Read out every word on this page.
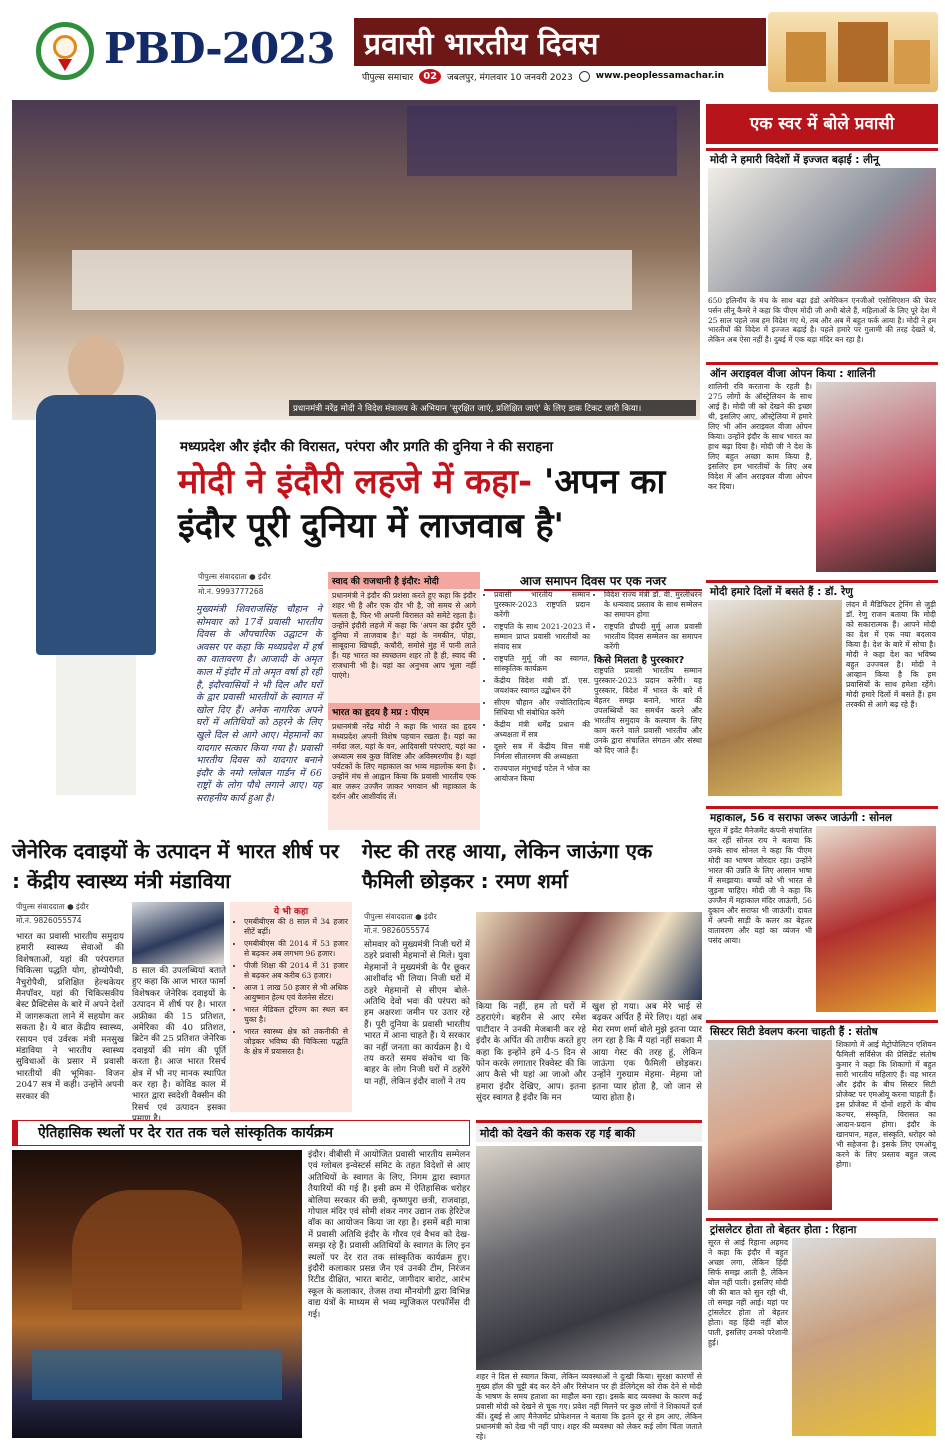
PBD-2023 प्रवासी भारतीय दिवस
पीपुल्स समाचार	02	जबलपुर, मंगलवार 10 जनवरी 2023	www.peoplessamachar.in
प्रधानमंत्री नरेंद्र मोदी ने विदेश मंत्रालय के अभियान 'सुरक्षित जाएं, प्रशिक्षित जाएं' के लिए डाक टिकट जारी किया।
मध्यप्रदेश और इंदौर की विरासत, परंपरा और प्रगति की दुनिया ने की सराहना
मोदी ने इंदौरी लहजे में कहा- 'अपन का इंदौर पूरी दुनिया में लाजवाब है'
पीपुल्स संवाददाता ● इंदौर
मो.नं. 9993777268
मुख्यमंत्री शिवराजसिंह चौहान ने सोमवार को 17वें प्रवासी भारतीय दिवस के औपचारिक उद्घाटन के अवसर पर कहा कि मध्यप्रदेश में हर्ष का वातावरण है। आजादी के अमृत काल में इंदौर में तो अमृत वर्षा हो रही है, इंदौरवासियों ने भी दिल और घरों के द्वार प्रवासी भारतीयों के स्वागत में खोल दिए हैं। अनेक नागरिक अपने घरों में अतिथियों को ठहरने के लिए खुले दिल से आगे आए। मेहमानों का यादगार सत्कार किया गया है। प्रवासी भारतीय दिवस को यादगार बनाने इंदौर के नमो ग्लोबल गार्डन में 66 राष्ट्रों के लोग पौधे लगाने आए। यह सराहनीय कार्य हुआ है।
स्वाद की राजधानी है इंदौर: मोदी
प्रधानमंत्री ने इंदौर की प्रशंसा करते हुए कहा कि इंदौर शहर भी है और एक दौर भी है, जो समय से आगे चलता है, फिर भी अपनी विरासत को समेटे रहता है। उन्होंने इंदौरी लहजे में कहा कि 'अपन का इंदौर पूरी दुनिया में लाजवाब है।' यहां के नमकीन, पोहा, साबूदाना खिचड़ी, कचौरी, समोसे मुंह में पानी लाते हैं। यह भारत का स्वच्छतम शहर तो है ही, स्वाद की राजधानी भी है। यहां का अनुभव आप भूला नहीं पाएंगे।
भारत का हृदय है मप्र : पीएम
प्रधानमंत्री नरेंद्र मोदी ने कहा कि भारत का हृदय मध्यप्रदेश अपनी विशेष पहचान रखता है। यहां का नर्मदा जल, यहां के वन, आदिवासी परंपराएं, यहां का अध्यात्म सब कुछ विशिष्ट और अविस्मरणीय है। यहां पर्यटकों के लिए महाकाल का भव्य महालोक बना है। उन्होंने मंच से आह्वान किया कि प्रवासी भारतीय एक बार जरूर उज्जैन जाकर भगवान श्री महाकाल के दर्शन और आशीर्वाद लें।
आज समापन दिवस पर एक नजर
• प्रवासी भारतीय सम्मान पुरस्कार-2023 राष्ट्रपति प्रदान करेंगी
• राष्ट्रपति के साथ 2021-2023 में सम्मान प्राप्त प्रवासी भारतीयों का संवाद सत्र
• राष्ट्रपति मुर्मू जी का स्वागत, सांस्कृतिक कार्यक्रम
• केंद्रीय विदेश मंत्री डॉ. एस. जयशंकर स्वागत उद्बोधन देंगे
• सीएम चौहान और ज्योतिरादित्य सिंधिया भी संबोधित करेंगे
• केंद्रीय मंत्री धर्मेंद्र प्रधान की अध्यक्षता में सत्र
• दूसरे सत्र में केंद्रीय वित्त मंत्री निर्मला सीतारमण की अध्यक्षता
• राज्यपाल मंगुभाई पटेल ने भोज का आयोजन किया
• विदेश राज्य मंत्री डॉ. वी. मुरलीधरन के धन्यवाद प्रस्ताव के साथ सम्मेलन का समापन होगा
• राष्ट्रपति द्रौपदी मुर्मू आज प्रवासी भारतीय दिवस सम्मेलन का समापन करेंगी
किसे मिलता है पुरस्कार?
राष्ट्रपति प्रवासी भारतीय सम्मान पुरस्कार-2023 प्रदान करेंगी। यह पुरस्कार, विदेश में भारत के बारे में बेहतर समझ बनाने, भारत की उपलब्धियों का समर्थन करने और भारतीय समुदाय के कल्याण के लिए काम करने वाले प्रवासी भारतीय और उनके द्वारा संचालित संगठन और संस्था को दिए जाते हैं।
एक स्वर में बोले प्रवासी
मोदी ने हमारी विदेशों में इज्जत बढ़ाई : लीनू
650 इलिनॉय के मंच के साथ बढ़ा इंडो अमेरिकन एनजीओ एसोसिएशन की चेयर पर्सन लीनू कैमरे ने कहा कि पीएम मोदी जी अभी बोले हैं, महिलाओं के लिए पूरे देश में 25 साल पहले जब हम विदेश गए थे, तब और अब में बहुत फर्क आया है। मोदी ने हम भारतीयों की विदेश में इज्जत बढ़ाई है। पहले हमारे पर गुलामी की तरह देखते थे, लेकिन अब ऐसा नहीं है। दुबई में एक बड़ा मंदिर बन रहा है।
ऑन अराइवल वीजा ओपन किया : शालिनी
शालिनी रवि करताना के रहती है। 275 लोगों के ऑस्ट्रेलियन के साथ आई है। मोदी जी को देखने की इच्छा थी, इसलिए आए, ऑस्ट्रेलिया में हमारे लिए भी ऑन अराइवल वीजा ओपन किया। उन्होंने इंदौर के साथ भारत का हाथ बढ़ा दिया है। मोदी जी ने देश के लिए बहुत अच्छा काम किया है, इसलिए हम भारतीयों के लिए अब विदेश में ऑन अराइवल वीजा ओपन कर दिया।
मोदी हमारे दिलों में बसते हैं : डॉ. रेणु
लंदन में मैडिफिटर ट्रेनिंग से जुड़ी डॉ. रेणु राजन बताया कि मोदी को सकारात्मक हैं। आपने मोदी का देश में एक नया बदलाव किया है। देश के बारे में सोचा है। मोदी ने कहा देश का भविष्य बहुत उज्ज्वल है। मोदी ने आव्हान किया है कि हम प्रवासियों के साथ हमेशा रहेंगे। मोदी हमारे दिलों में बसते हैं। हम तरक्की से आगे बढ़ रहे हैं।
महाकाल, 56 व सराफा जरूर जाऊंगी : सोनल
सूरत में इवेंट मैनेजमेंट कंपनी संचालित कर रहीं सोनल राय ने बताया कि उनके साथ सोनल ने कहा कि पीएम मोदी का भाषण जोरदार रहा। उन्होंने भारत की उन्नति के लिए आसान भाषा में समझाया। बच्चों को भी भारत से जुड़ना चाहिए। मोदी जी ने कहा कि उज्जैन में महाकाल मंदिर जाऊंगी, 56 दुकान और सराफा भी जाऊंगी। दावत में अपनी साड़ी के कलर का बेहतर वातावरण और यहां का व्यंजन भी पसंद आया।
सिस्टर सिटी डेवलप करना चाहती हैं : संतोष
शिकागो में आई मेट्रोपोलिटन एशियन फैमिली सर्विसेज की प्रेसिडेंट संतोष कुमार ने कहा कि शिकागो में बहुत सारी भारतीय महिलाएं हैं। वह भारत और इंदौर के बीच सिस्टर सिटी प्रोजेक्ट पर एमओयू करना चाहती हैं। इस प्रोजेक्ट में दोनों शहरों के बीच कल्चर, संस्कृति, विरासत का आदान-प्रदान होगा। इंदौर के खानपान, महल, संस्कृति, धरोहर को भी सहेजना है। इसके लिए एमओयू करने के लिए प्रस्ताव बहुत जल्द होगा।
ट्रांसलेटर होता तो बेहतर होता : रिहाना
सूरत से आई रिहाना अहमद ने कहा कि इंदौर में बहुत अच्छा लगा, लेकिन हिंदी सिर्फ समझ आती है, लेकिन बोल नहीं पाती। इसलिए मोदी जी की बात को सुन रही थी, तो समझ नहीं आई। यहां पर ट्रांसलेटर होता तो बेहतर होता। वह हिंदी नहीं बोल पाती, इसलिए उनको परेशानी हुई।
जेनेरिक दवाइयों के उत्पादन में भारत शीर्ष पर : केंद्रीय स्वास्थ्य मंत्री मंडाविया
पीपुल्स संवाददाता ● इंदौर
मो.नं. 9826055574
भारत का प्रवासी भारतीय समुदाय हमारी स्वास्थ्य सेवाओं की विशेषताओं, यहां की परंपरागत चिकित्सा पद्धति योग, होम्योपैथी, नैचुरोपैथी, प्रशिक्षित हेल्थकेयर मैनपॉवर, यहां की चिकित्सकीय बेस्ट प्रैक्टिसेस के बारे में अपने देशों में जागरूकता लाने में सहयोग कर सकता है। ये बात केंद्रीय स्वास्थ्य, रसायन एवं उर्वरक मंत्री मनसुख मंडाविया ने भारतीय स्वास्थ्य सुविधाओं के प्रसार में प्रवासी भारतीयों की भूमिका- विजन 2047 सत्र में कही। उन्होंने अपनी सरकार की
8 साल की उपलब्धियां बताते हुए कहा कि आज भारत फार्मा विशेषकर जेनेरिक दवाइयों के उत्पादन में शीर्ष पर है। भारत अफ्रीका की 15 प्रतिशत, अमेरिका की 40 प्रतिशत, ब्रिटेन की 25 प्रतिशत जेनेरिक दवाइयों की मांग की पूर्ति करता है। आज भारत रिसर्च क्षेत्र में भी नए मानक स्थापित कर रहा है। कोविड काल में भारत द्वारा स्वदेशी वैक्सीन की रिसर्च एवं उत्पादन इसका
ये भी कहा
• एमबीबीएस की 8 साल में 34 हजार सीटें बढ़ीं।
• एमबीबीएस की 2014 में 53 हजार से बढ़कर अब लगभग 96 हजार।
• पीजी शिक्षा की 2014 में 31 हजार से बढ़कर अब करीब 63 हजार।
• आज 1 लाख 50 हजार से भी अधिक आयुष्मान हेल्थ एवं वेलनेस सेंटर।
• भारत मेडिकल टूरिज्म का स्थल बन चुका है।
• भारत स्वास्थ्य क्षेत्र को तकनीकी से जोड़कर भविष्य की चिकित्सा पद्धति के क्षेत्र में प्रयासरत है।
गेस्ट की तरह आया, लेकिन जाऊंगा एक फैमिली छोड़कर : रमण शर्मा
पीपुल्स संवाददाता ● इंदौर
मो.नं. 9826055574
सोमवार को मुख्यमंत्री निजी घरों में ठहरे प्रवासी मेहमानों से मिले। युवा मेहमानों ने मुख्यमंत्री के पैर छूकर आशीर्वाद भी लिया। निजी घरों में ठहरे मेहमानों से सीएम बोले- अतिथि देवो भवः की परंपरा को हम अक्षरशः जमीन पर उतार रहे हैं। पूरी दुनिया के प्रवासी भारतीय भारत में आना चाहते हैं। ये सरकार का नहीं जनता का कार्यक्रम है। ये तय करते समय संकोच था कि बाहर के लोग निजी घरों में ठहरेंगे या नहीं, लेकिन इंदौर वालों ने तय
किया कि नहीं, हम तो घरों में ठहराएंगे। बहरीन से आए रमेश पाटीदार ने उनकी मेजबानी कर रहे इंदौर के अर्पित की तारीफ करते हुए कहा कि इन्होंने हमें 4-5 दिन से फोन करके लगातार रिक्वेस्ट की कि आप कैसे भी यहां आ जाओ और हमारा इंदौर देखिए, आप। इतना सुंदर स्वागत है इंदौर कि मन
खुश हो गया। अब मेरे भाई से बढ़कर अर्पित हैं मेरे लिए। यहां अब मेरा रमण शर्मा बोले मुझे इतना प्यार लग रहा है कि मैं यहां नहीं सकता मैं आया गेस्ट की तरह हूं, लेकिन जाऊंगा एक फैमिली छोड़कर। उन्होंने गुरुग्राम मेहमा- मेहमा जो इतना प्यार होता है, जो जान से प्यारा होता है।
ऐतिहासिक स्थलों पर देर रात तक चले सांस्कृतिक कार्यक्रम
इंदौर। वीबीसी में आयोजित प्रवासी भारतीय सम्मेलन एवं ग्लोबल इन्वेस्टर्स समिट के तहत विदेशों से आए अतिथियों के स्वागत के लिए, निगम द्वारा स्वागत तैयारियों की गई हैं। इसी क्रम में ऐतिहासिक धरोहर बोलिया सरकार की छत्री, कृष्णपुरा छत्री, राजवाड़ा, गोपाल मंदिर एवं सोमी शंकर नगर उद्यान तक हेरिटेज वॉक का आयोजन किया जा रहा है। इसमें बड़ी मात्रा में प्रवासी अतिथि इंदौर के गौरव एवं वैभव को देख-समझ रहे हैं। प्रवासी अतिथियों के स्वागत के लिए इन स्थलों पर देर रात तक सांस्कृतिक कार्यक्रम हुए। इंदौरी कलाकार प्रसन्न जैन एवं उनकी टीम, निरंजन रिटीड दीक्षित, भारत बारोट, जागीदार बारोट, आरंभ स्कूल के कलाकार, तेजस तथा मौनयोगी द्वारा विभिन्न वाद्य यंत्रों के माध्यम से भव्य म्यूजिकल परफॉर्मेंस दी गई।
मोदी को देखने की कसक रह गई बाकी
शहर ने दिल से स्वागत किया, लेकिन व्यवस्थाओं ने दुःखी किया। सुरक्षा कारणों से मुख्य हॉल की चुट्टी बंद कर देने और रिसेप्शन पर ही डेलिगेट्स को रोक देने से मोदी के भाषण के समय हताशा का माहौल बना रहा। इसके बाद व्यवस्था के कारण कई प्रवासी मोदी को देखने से चूक गए। प्रवेश नहीं मिलने पर कुछ लोगों ने शिकायतें दर्ज कीं। दुबई से आए मैनेजमेंट प्रोफेशनल ने बताया कि इतने दूर से हम आए, लेकिन प्रधानमंत्री को देख भी नहीं पाए। शहर की व्यवस्था को लेकर कई लोग चिंता जताते रहे।
